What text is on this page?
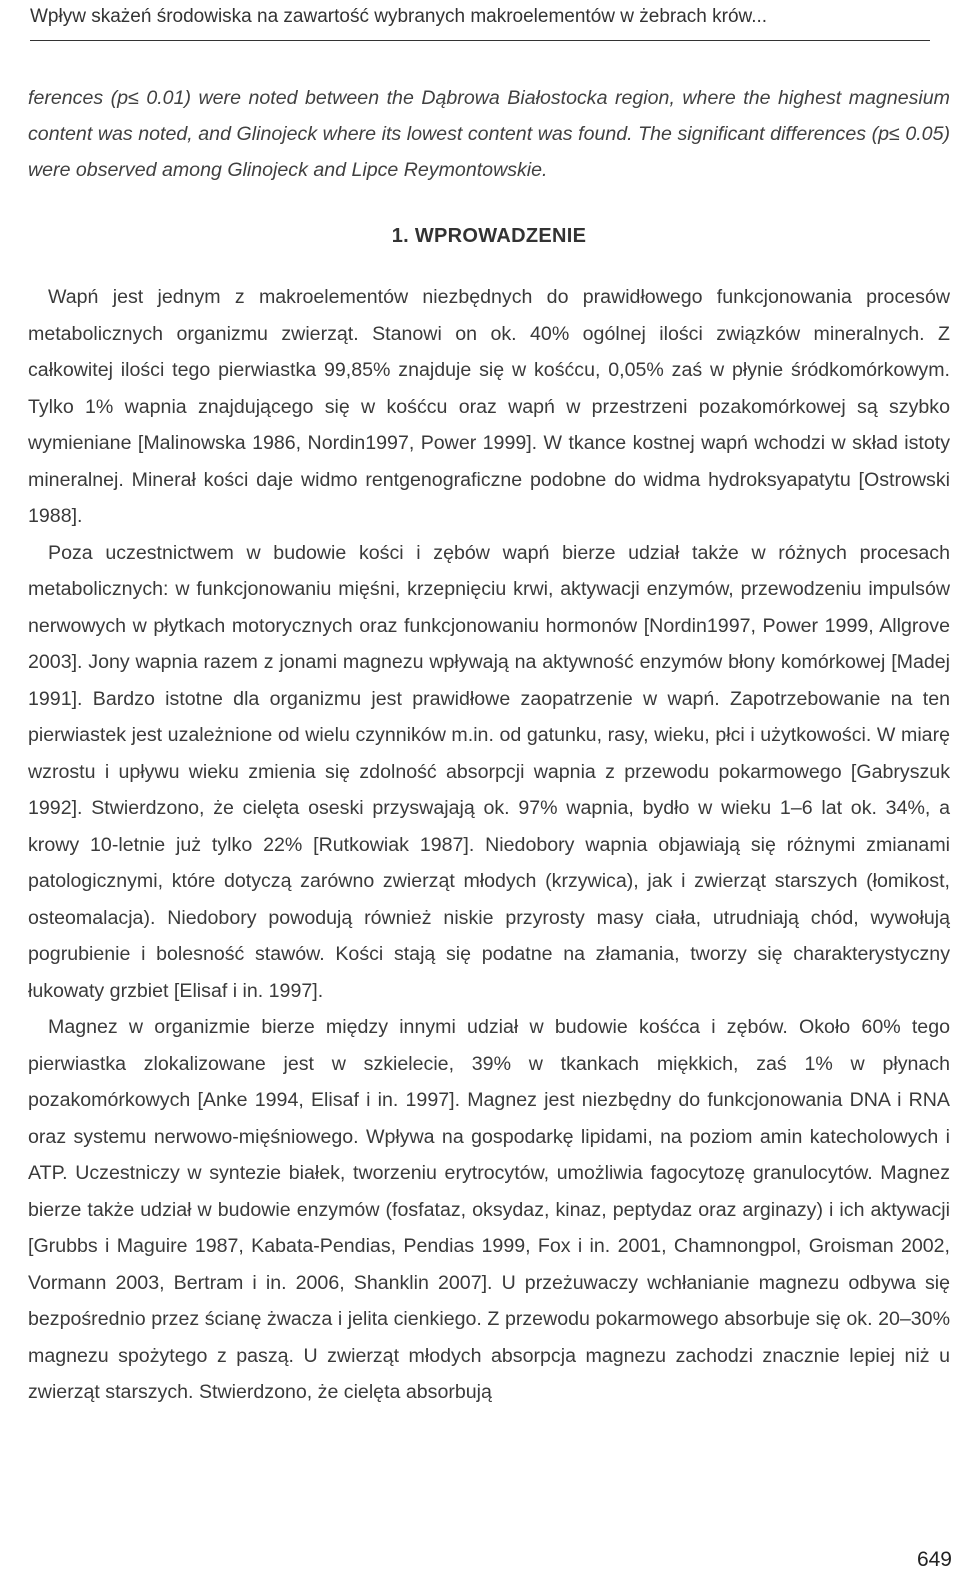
Wpływ skażeń środowiska na zawartość wybranych makroelementów w żebrach krów...

ferences (p≤ 0.01) were noted between the Dąbrowa Białostocka region, where the highest magnesium content was noted, and Glinojeck where its lowest content was found. The significant differences (p≤ 0.05) were observed among Glinojeck and Lipce Reymontowskie.

1. WPROWADZENIE

Wapń jest jednym z makroelementów niezbędnych do prawidłowego funkcjonowania procesów metabolicznych organizmu zwierząt. Stanowi on ok. 40% ogólnej ilości związków mineralnych. Z całkowitej ilości tego pierwiastka 99,85% znajduje się w kośćcu, 0,05% zaś w płynie śródkomórkowym. Tylko 1% wapnia znajdującego się w kośćcu oraz wapń w przestrzeni pozakomórkowej są szybko wymieniane [Malinowska 1986, Nordin1997, Power 1999]. W tkance kostnej wapń wchodzi w skład istoty mineralnej. Minerał kości daje widmo rentgenograficzne podobne do widma hydroksyapatytu [Ostrowski 1988].

Poza uczestnictwem w budowie kości i zębów wapń bierze udział także w różnych procesach metabolicznych: w funkcjonowaniu mięśni, krzepnięciu krwi, aktywacji enzymów, przewodzeniu impulsów nerwowych w płytkach motorycznych oraz funkcjonowaniu hormonów [Nordin1997, Power 1999, Allgrove 2003]. Jony wapnia razem z jonami magnezu wpływają na aktywność enzymów błony komórkowej [Madej 1991]. Bardzo istotne dla organizmu jest prawidłowe zaopatrzenie w wapń. Zapotrzebowanie na ten pierwiastek jest uzależnione od wielu czynników m.in. od gatunku, rasy, wieku, płci i użytkowości. W miarę wzrostu i upływu wieku zmienia się zdolność absorpcji wapnia z przewodu pokarmowego [Gabryszuk 1992]. Stwierdzono, że cielęta oseski przyswajają ok. 97% wapnia, bydło w wieku 1–6 lat ok. 34%, a krowy 10-letnie już tylko 22% [Rutkowiak 1987]. Niedobory wapnia objawiają się różnymi zmianami patologicznymi, które dotyczą zarówno zwierząt młodych (krzywica), jak i zwierząt starszych (łomikost, osteomalacja). Niedobory powodują również niskie przyrosty masy ciała, utrudniają chód, wywołują pogrubienie i bolesność stawów. Kości stają się podatne na złamania, tworzy się charakterystyczny łukowaty grzbiet [Elisaf i in. 1997].

Magnez w organizmie bierze między innymi udział w budowie kośćca i zębów. Około 60% tego pierwiastka zlokalizowane jest w szkielecie, 39% w tkankach miękkich, zaś 1% w płynach pozakomórkowych [Anke 1994, Elisaf i in. 1997]. Magnez jest niezbędny do funkcjonowania DNA i RNA oraz systemu nerwowo-mięśniowego. Wpływa na gospodarkę lipidami, na poziom amin katecholowych i ATP. Uczestniczy w syntezie białek, tworzeniu erytrocytów, umożliwia fagocytozę granulocytów. Magnez bierze także udział w budowie enzymów (fosfataz, oksydaz, kinaz, peptydaz oraz arginazy) i ich aktywacji [Grubbs i Maguire 1987, Kabata-Pendias, Pendias 1999, Fox i in. 2001, Chamnongpol, Groisman 2002, Vormann 2003, Bertram i in. 2006, Shanklin 2007]. U przeżuwaczy wchłanianie magnezu odbywa się bezpośrednio przez ścianę żwacza i jelita cienkiego. Z przewodu pokarmowego absorbuje się ok. 20–30% magnezu spożytego z paszą. U zwierząt młodych absorpcja magnezu zachodzi znacznie lepiej niż u zwierząt starszych. Stwierdzono, że cielęta absorbują

649
